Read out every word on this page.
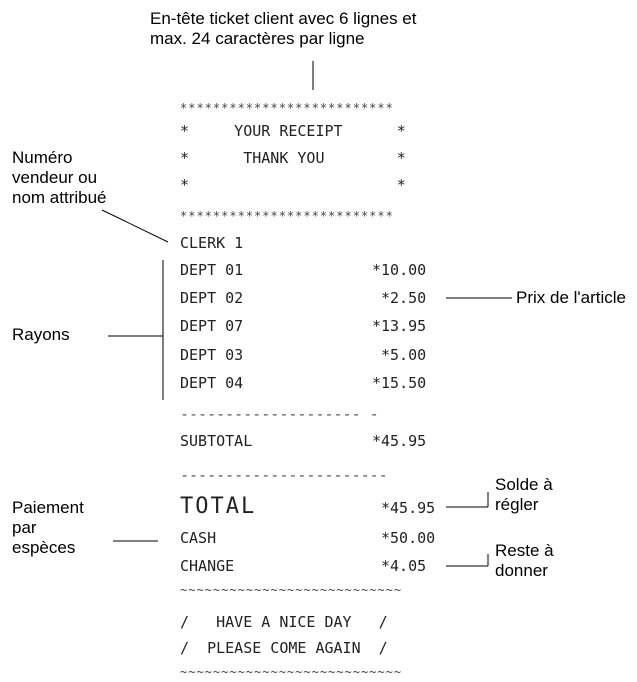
En-tête ticket client avec 6 lignes et
max. 24 caractères par ligne
Numéro
vendeur ou
nom attribué
Rayons
Prix de l'article
Paiement
par
espèces
Solde à
régler
Reste à
donner
**************************
*     YOUR RECEIPT      *
*      THANK YOU        *
*                       *
**************************
CLERK 1
DEPT 01	*10.00
DEPT 02	*2.50
DEPT 07	*13.95
DEPT 03	*5.00
DEPT 04	*15.50
-------------------- -
SUBTOTAL	*45.95
-----------------------
TOTAL	*45.95
CASH	*50.00
CHANGE	*4.05
~~~~~~~~~~~~~~~~~~~~~~~~~~~
/   HAVE A NICE DAY   /
/  PLEASE COME AGAIN  /
~~~~~~~~~~~~~~~~~~~~~~~~~~~
